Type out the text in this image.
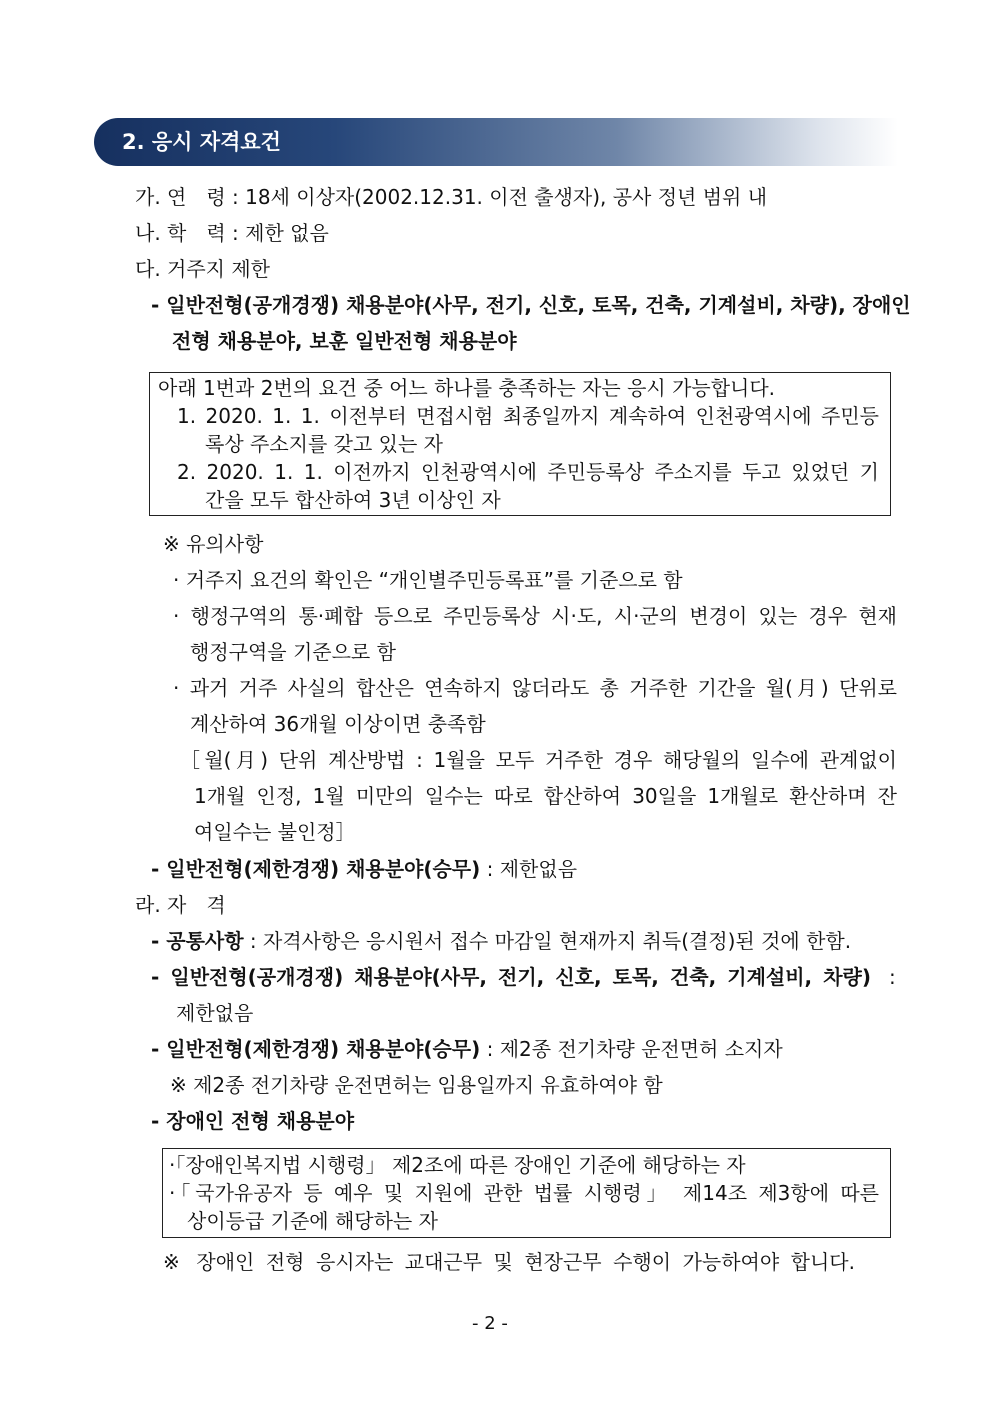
2. 응시 자격요건
가. 연　령 : 18세 이상자(2002.12.31. 이전 출생자), 공사 정년 범위 내
나. 학　력 : 제한 없음
다. 거주지 제한
- 일반전형(공개경쟁) 채용분야(사무, 전기, 신호, 토목, 건축, 기계설비, 차량), 장애인
전형 채용분야, 보훈 일반전형 채용분야
아래 1번과 2번의 요건 중 어느 하나를 충족하는 자는 응시 가능합니다.
1. 2020. 1. 1. 이전부터 면접시험 최종일까지 계속하여 인천광역시에 주민등
록상 주소지를 갖고 있는 자
2. 2020. 1. 1. 이전까지 인천광역시에 주민등록상 주소지를 두고 있었던 기
간을 모두 합산하여 3년 이상인 자
※ 유의사항
· 거주지 요건의 확인은 “개인별주민등록표”를 기준으로 함
· 행정구역의 통·폐합 등으로 주민등록상 시·도, 시·군의 변경이 있는 경우 현재
행정구역을 기준으로 함
· 과거 거주 사실의 합산은 연속하지 않더라도 총 거주한 기간을 월(月) 단위로
계산하여 36개월 이상이면 충족함
［월(月) 단위 계산방법 : 1월을 모두 거주한 경우 해당월의 일수에 관계없이
1개월 인정, 1월 미만의 일수는 따로 합산하여 30일을 1개월로 환산하며 잔
여일수는 불인정］
- 일반전형(제한경쟁) 채용분야(승무) : 제한없음
라. 자　격
- 공통사항 : 자격사항은 응시원서 접수 마감일 현재까지 취득(결정)된 것에 한함.
- 일반전형(공개경쟁) 채용분야(사무, 전기, 신호, 토목, 건축, 기계설비, 차량) :
제한없음
- 일반전형(제한경쟁) 채용분야(승무) : 제2종 전기차량 운전면허 소지자
※ 제2종 전기차량 운전면허는 임용일까지 유효하여야 함
- 장애인 전형 채용분야
·「장애인복지법 시행령」 제2조에 따른 장애인 기준에 해당하는 자
·「국가유공자 등 예우 및 지원에 관한 법률 시행령」 제14조 제3항에 따른
상이등급 기준에 해당하는 자
※ 장애인 전형 응시자는 교대근무 및 현장근무 수행이 가능하여야 합니다.
- 2 -
